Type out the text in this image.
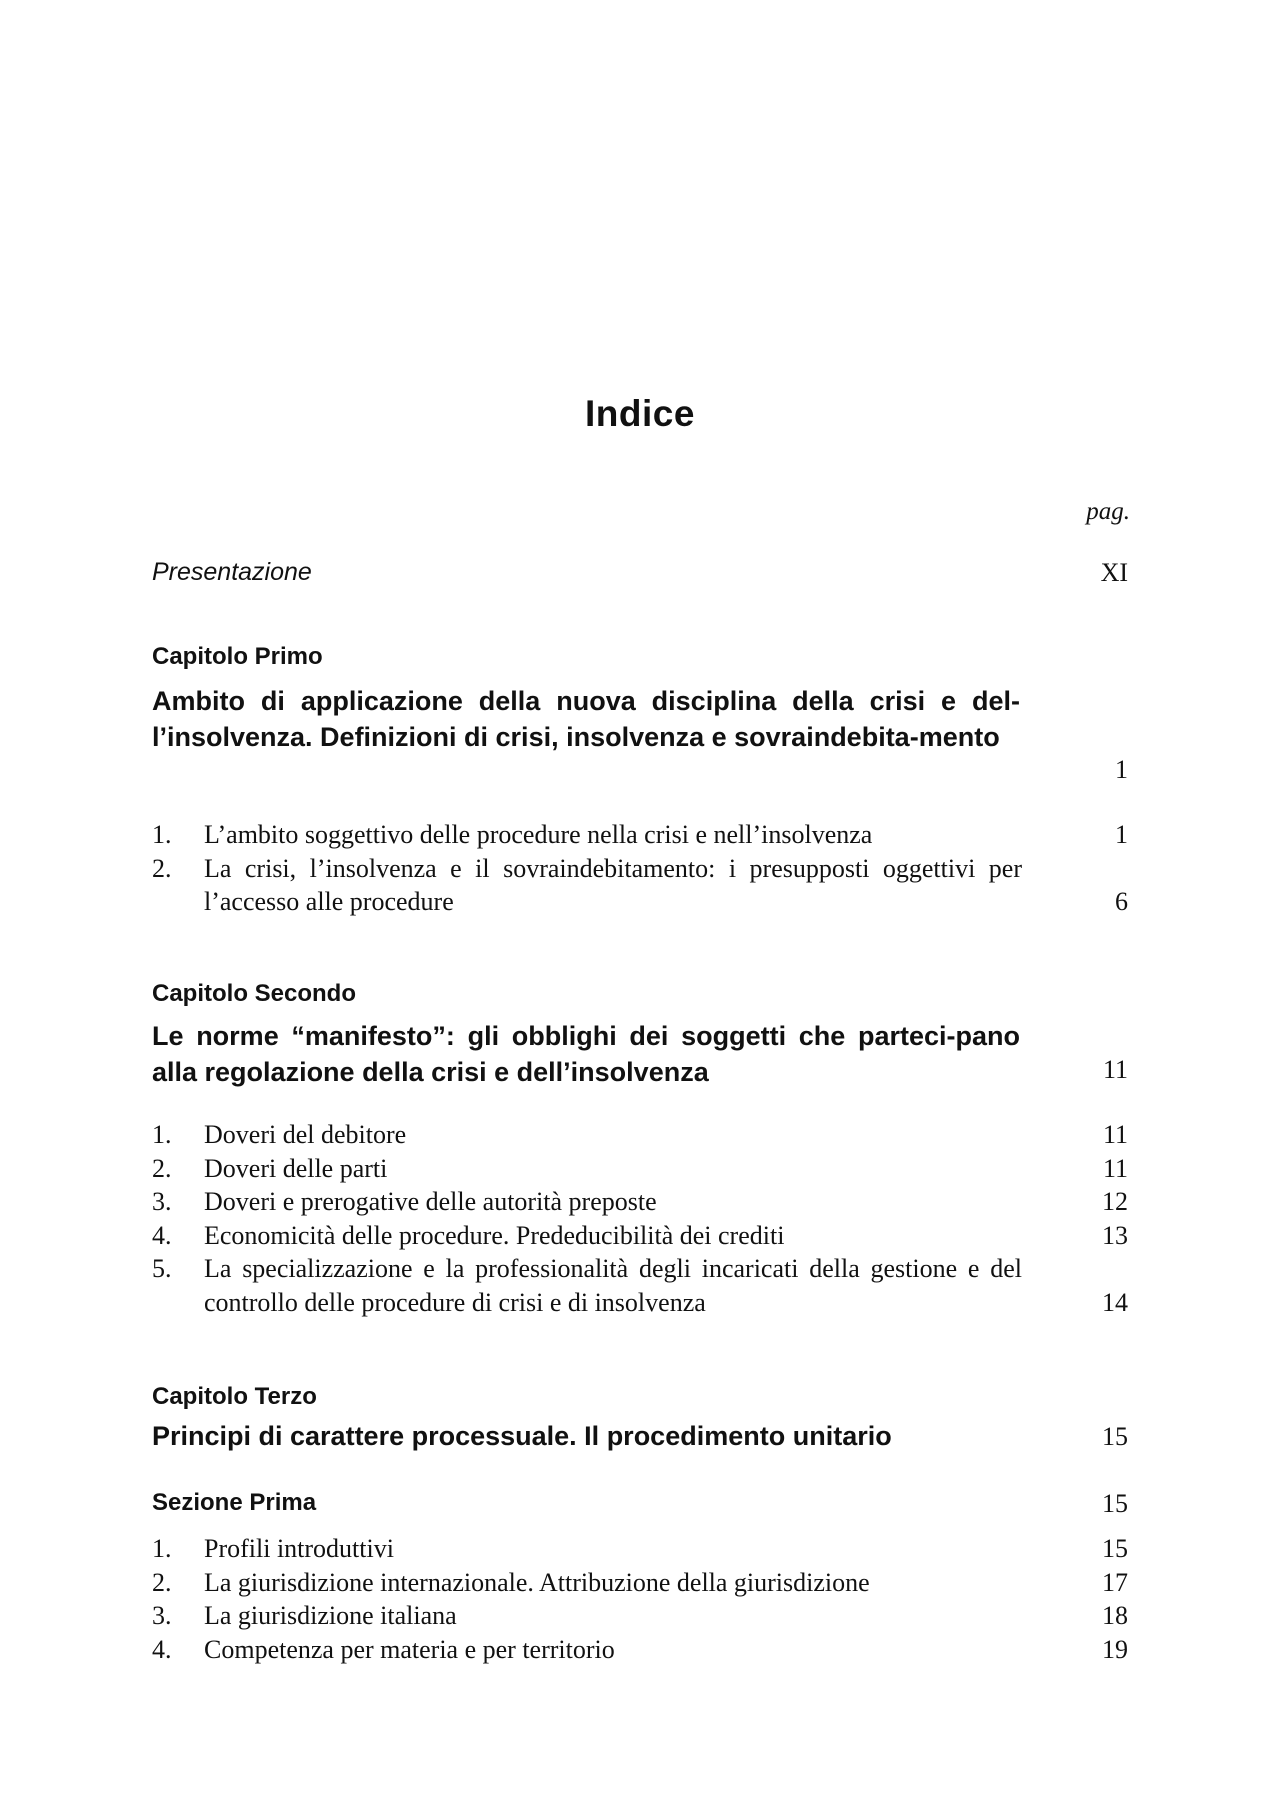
Indice
pag.
Presentazione	XI
Capitolo Primo
Ambito di applicazione della nuova disciplina della crisi e del-l’insolvenza. Definizioni di crisi, insolvenza e sovraindebita-mento
1
1. L’ambito soggettivo delle procedure nella crisi e nell’insolvenza	1
2. La crisi, l’insolvenza e il sovraindebitamento: i presupposti oggettivi per l’accesso alle procedure	6
Capitolo Secondo
Le norme “manifesto”: gli obblighi dei soggetti che parteci-pano alla regolazione della crisi e dell’insolvenza	11
1. Doveri del debitore	11
2. Doveri delle parti	11
3. Doveri e prerogative delle autorità preposte	12
4. Economicità delle procedure. Prededucibilità dei crediti	13
5. La specializzazione e la professionalità degli incaricati della gestione e del controllo delle procedure di crisi e di insolvenza	14
Capitolo Terzo
Principi di carattere processuale. Il procedimento unitario	15
Sezione Prima	15
1. Profili introduttivi	15
2. La giurisdizione internazionale. Attribuzione della giurisdizione	17
3. La giurisdizione italiana	18
4. Competenza per materia e per territorio	19
